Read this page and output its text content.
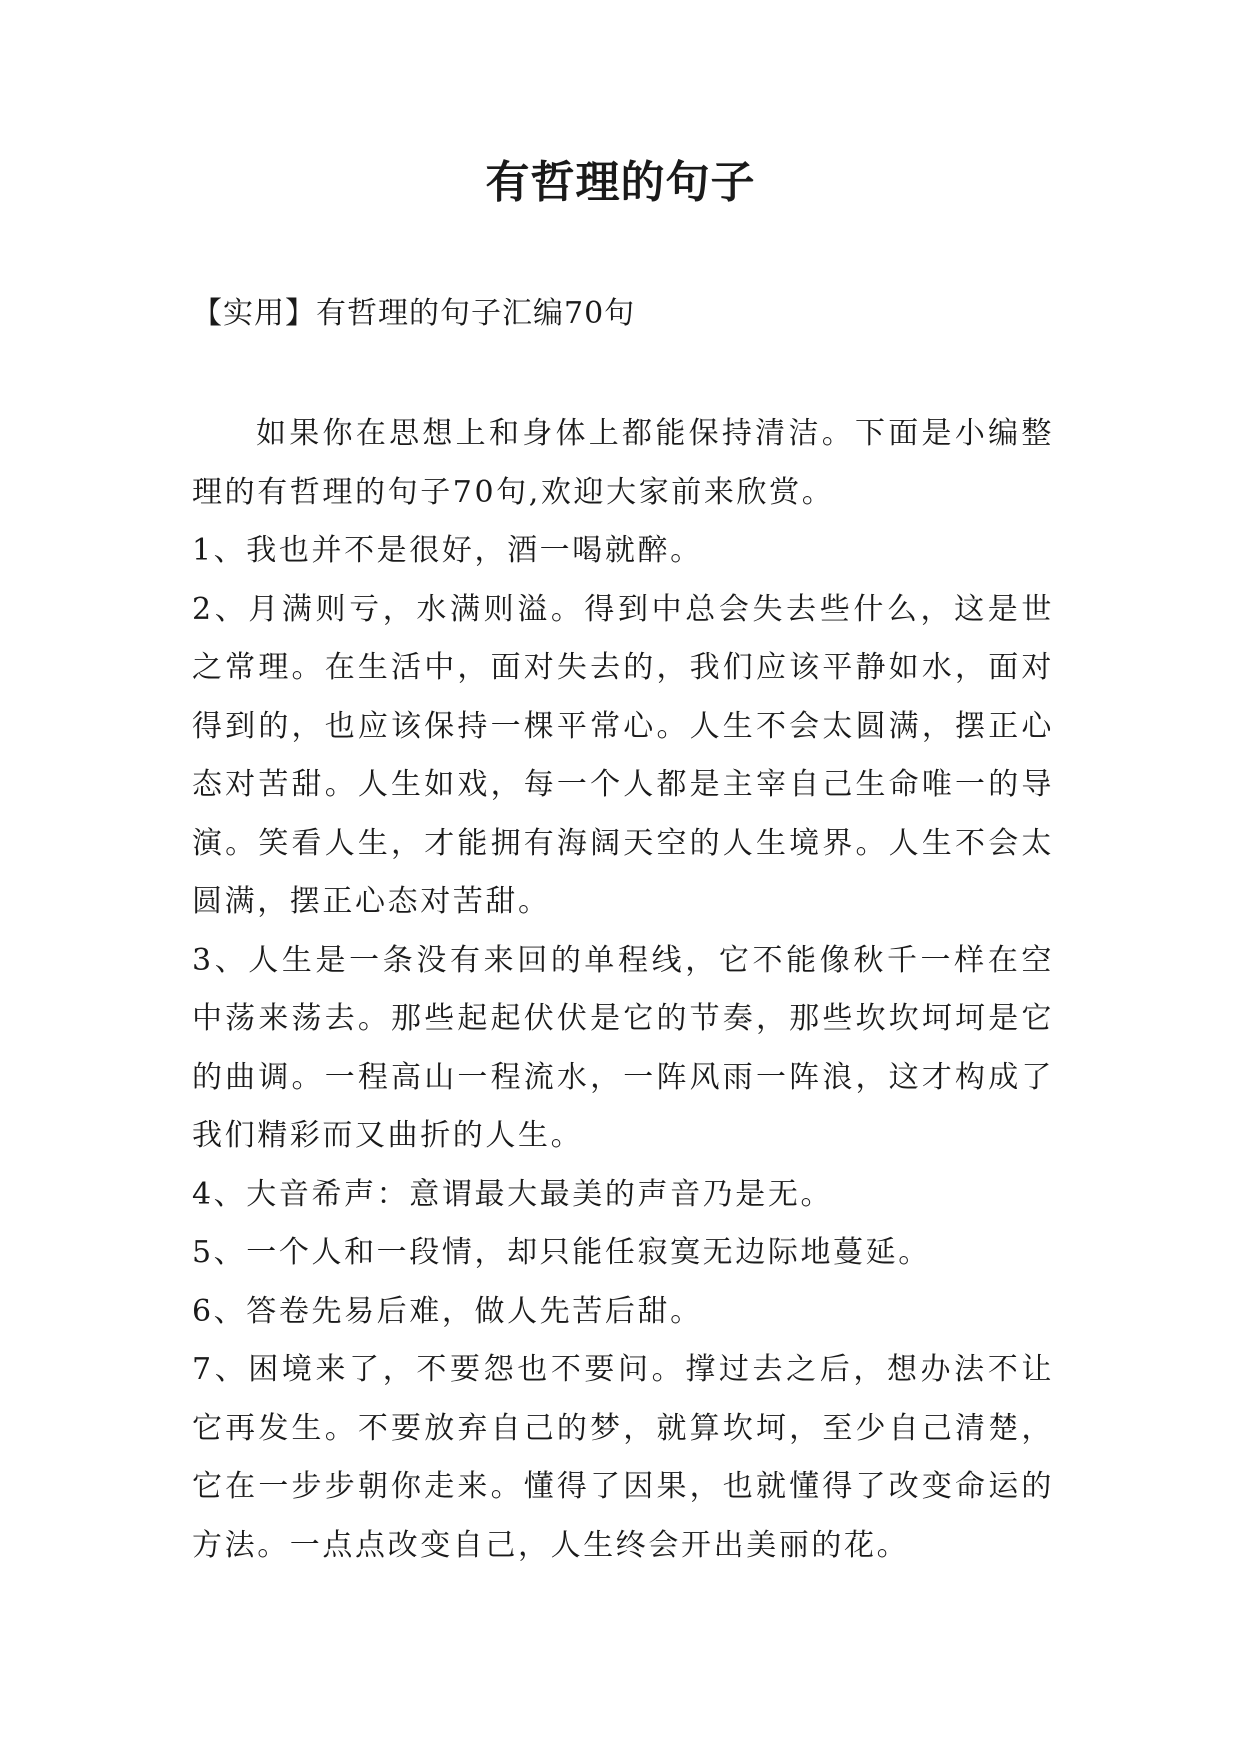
有哲理的句子
【实用】有哲理的句子汇编70句

如果你在思想上和身体上都能保持清洁。下面是小编整理的有哲理的句子70句,欢迎大家前来欣赏。

1、我也并不是很好，酒一喝就醉。

2、月满则亏，水满则溢。得到中总会失去些什么，这是世之常理。在生活中，面对失去的，我们应该平静如水，面对得到的，也应该保持一棵平常心。人生不会太圆满，摆正心态对苦甜。人生如戏，每一个人都是主宰自己生命唯一的导演。笑看人生，才能拥有海阔天空的人生境界。人生不会太圆满，摆正心态对苦甜。

3、人生是一条没有来回的单程线，它不能像秋千一样在空中荡来荡去。那些起起伏伏是它的节奏，那些坎坎坷坷是它的曲调。一程高山一程流水，一阵风雨一阵浪，这才构成了我们精彩而又曲折的人生。

4、大音希声：意谓最大最美的声音乃是无。

5、一个人和一段情，却只能任寂寞无边际地蔓延。

6、答卷先易后难，做人先苦后甜。

7、困境来了，不要怨也不要问。撑过去之后，想办法不让它再发生。不要放弃自己的梦，就算坎坷，至少自己清楚，它在一步步朝你走来。懂得了因果，也就懂得了改变命运的方法。一点点改变自己，人生终会开出美丽的花。
